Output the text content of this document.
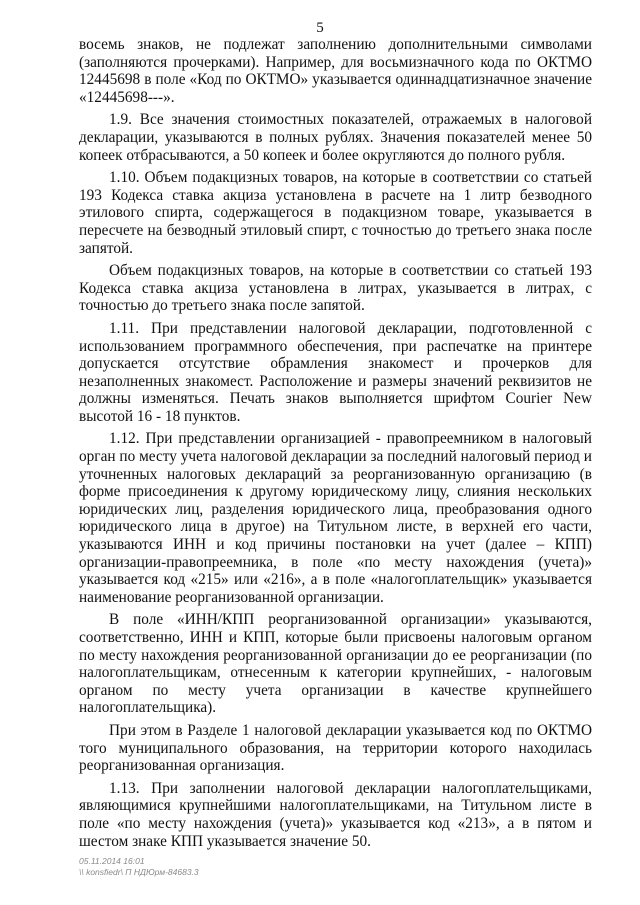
5

восемь знаков, не подлежат заполнению дополнительными символами (заполняются прочерками). Например, для восьмизначного кода по ОКТМО 12445698 в поле «Код по ОКТМО» указывается одиннадцатизначное значение «12445698---».

1.9. Все значения стоимостных показателей, отражаемых в налоговой декларации, указываются в полных рублях. Значения показателей менее 50 копеек отбрасываются, а 50 копеек и более округляются до полного рубля.

1.10. Объем подакцизных товаров, на которые в соответствии со статьей 193 Кодекса ставка акциза установлена в расчете на 1 литр безводного этилового спирта, содержащегося в подакцизном товаре, указывается в пересчете на безводный этиловый спирт, с точностью до третьего знака после запятой.

Объем подакцизных товаров, на которые в соответствии со статьей 193 Кодекса ставка акциза установлена в литрах, указывается в литрах, с точностью до третьего знака после запятой.

1.11. При представлении налоговой декларации, подготовленной с использованием программного обеспечения, при распечатке на принтере допускается отсутствие обрамления знакомест и прочерков для незаполненных знакомест. Расположение и размеры значений реквизитов не должны изменяться. Печать знаков выполняется шрифтом Courier New высотой 16 - 18 пунктов.

1.12. При представлении организацией - правопреемником в налоговый орган по месту учета налоговой декларации за последний налоговый период и уточненных налоговых деклараций за реорганизованную организацию (в форме присоединения к другому юридическому лицу, слияния нескольких юридических лиц, разделения юридического лица, преобразования одного юридического лица в другое) на Титульном листе, в верхней его части, указываются ИНН и код причины постановки на учет (далее – КПП) организации-правопреемника, в поле «по месту нахождения (учета)» указывается код «215» или «216», а в поле «налогоплательщик» указывается наименование реорганизованной организации.

В поле «ИНН/КПП реорганизованной организации» указываются, соответственно, ИНН и КПП, которые были присвоены налоговым органом по месту нахождения реорганизованной организации до ее реорганизации (по налогоплательщикам, отнесенным к категории крупнейших, - налоговым органом по месту учета организации в качестве крупнейшего налогоплательщика).

При этом в Разделе 1 налоговой декларации указывается код по ОКТМО того муниципального образования, на территории которого находилась реорганизованная организация.

1.13. При заполнении налоговой декларации налогоплательщиками, являющимися крупнейшими налогоплательщиками, на Титульном листе в поле «по месту нахождения (учета)» указывается код «213», а в пятом и шестом знаке КПП указывается значение 50.

05.11.2014 16:01
\\ konsfiedr\ П НДЮрм-84683.3
